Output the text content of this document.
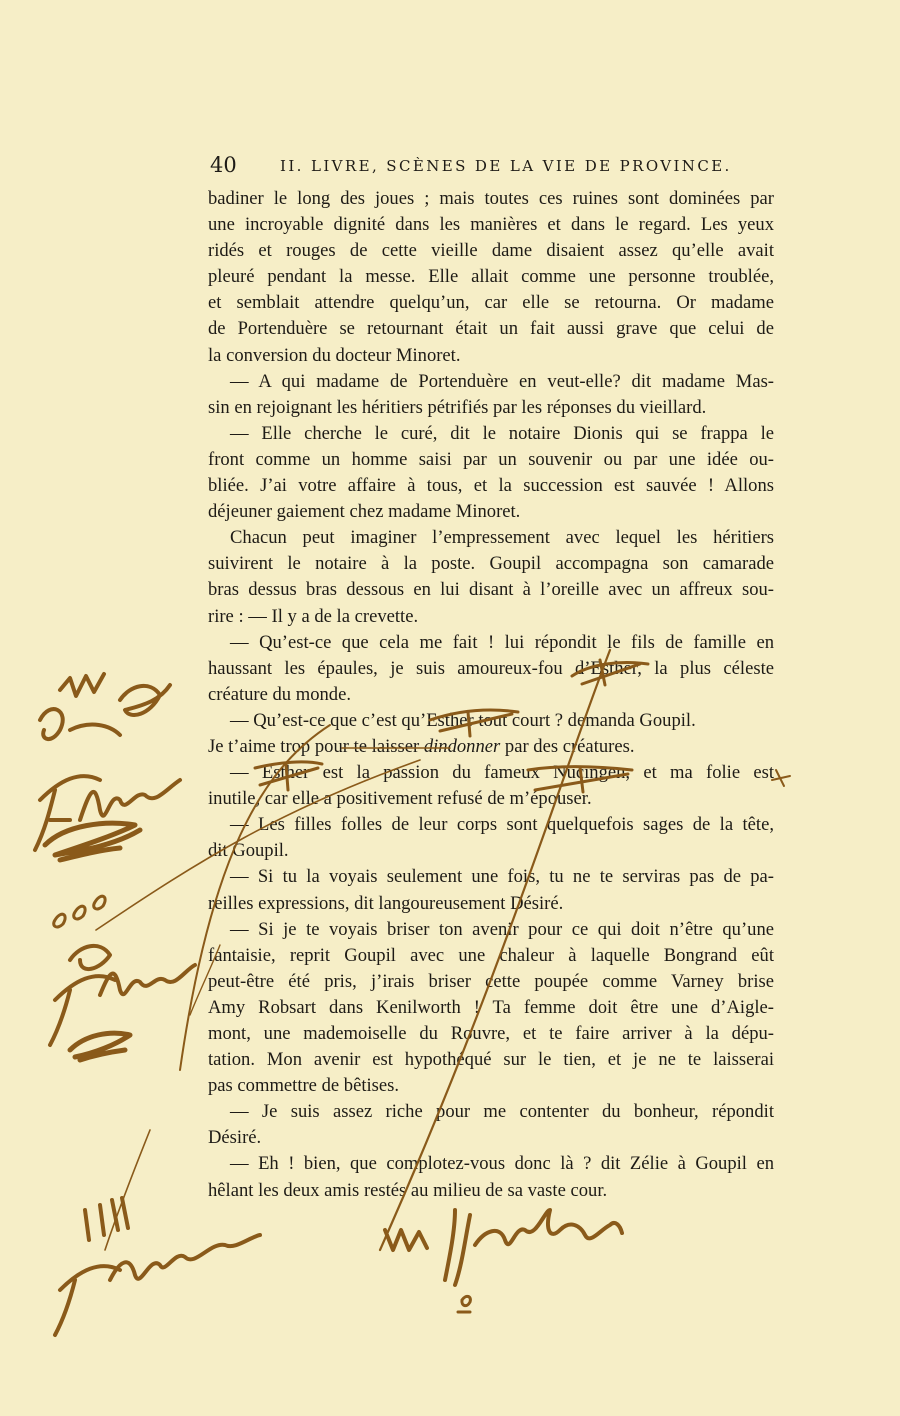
40	II. LIVRE, SCÈNES DE LA VIE DE PROVINCE.
badiner le long des joues ; mais toutes ces ruines sont dominées par
une incroyable dignité dans les manières et dans le regard. Les yeux
ridés et rouges de cette vieille dame disaient assez qu’elle avait
pleuré pendant la messe. Elle allait comme une personne troublée,
et semblait attendre quelqu’un, car elle se retourna. Or madame
de Portenduère se retournant était un fait aussi grave que celui de
la conversion du docteur Minoret.
— A qui madame de Portenduère en veut-elle? dit madame Mas-
sin en rejoignant les héritiers pétrifiés par les réponses du vieillard.
— Elle cherche le curé, dit le notaire Dionis qui se frappa le
front comme un homme saisi par un souvenir ou par une idée ou-
bliée. J’ai votre affaire à tous, et la succession est sauvée ! Allons
déjeuner gaiement chez madame Minoret.
Chacun peut imaginer l’empressement avec lequel les héritiers
suivirent le notaire à la poste. Goupil accompagna son camarade
bras dessus bras dessous en lui disant à l’oreille avec un affreux sou-
rire : — Il y a de la crevette.
— Qu’est-ce que cela me fait ! lui répondit le fils de famille en
haussant les épaules, je suis amoureux-fou d’Esther, la plus céleste
créature du monde.
— Qu’est-ce que c’est qu’Esther tout court ? demanda Goupil.
Je t’aime trop pour te laisser dindonner par des créatures.
— Esther est la passion du fameux Nucingen, et ma folie est
inutile, car elle a positivement refusé de m’épouser.
— Les filles folles de leur corps sont quelquefois sages de la tête,
dit Goupil.
— Si tu la voyais seulement une fois, tu ne te serviras pas de pa-
reilles expressions, dit langoureusement Désiré.
— Si je te voyais briser ton avenir pour ce qui doit n’être qu’une
fantaisie, reprit Goupil avec une chaleur à laquelle Bongrand eût
peut-être été pris, j’irais briser cette poupée comme Varney brise
Amy Robsart dans Kenilworth ! Ta femme doit être une d’Aigle-
mont, une mademoiselle du Rouvre, et te faire arriver à la dépu-
tation. Mon avenir est hypothéqué sur le tien, et je ne te laisserai
pas commettre de bêtises.
— Je suis assez riche pour me contenter du bonheur, répondit
Désiré.
— Eh ! bien, que complotez-vous donc là ? dit Zélie à Goupil en
hêlant les deux amis restés au milieu de sa vaste cour.
